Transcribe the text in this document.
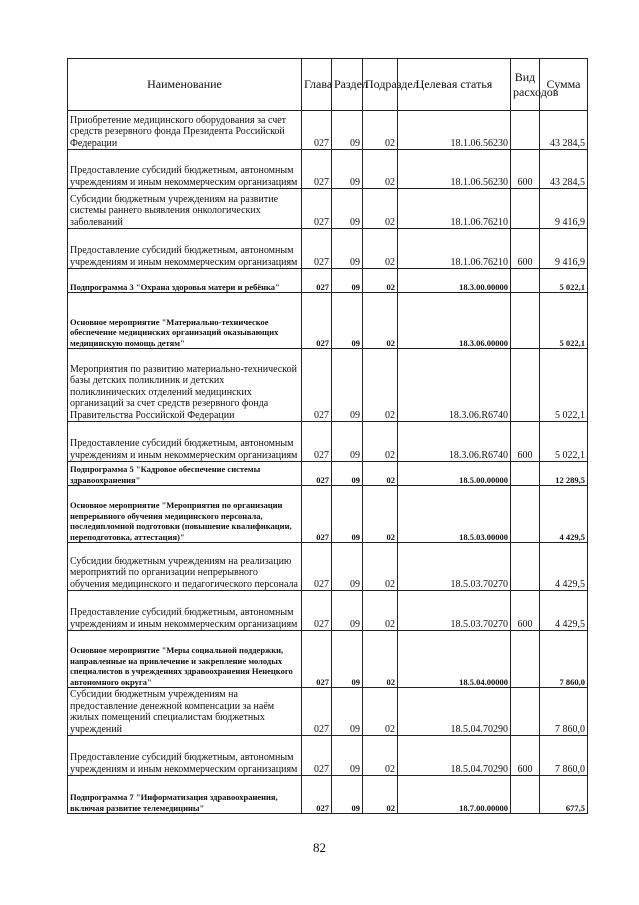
Наименование	Глава	Раздел	Подраздел	Целевая статья	Вид расходов	Сумма
Приобретение медицинского оборудования за счет средств резервного фонда Президента Российской Федерации	027	09	02	18.1.06.56230		43 284,5
Предоставление субсидий бюджетным, автономным учреждениям и иным некоммерческим организациям	027	09	02	18.1.06.56230	600	43 284,5
Субсидии бюджетным учреждениям на развитие системы раннего выявления онкологических заболеваний	027	09	02	18.1.06.76210		9 416,9
Предоставление субсидий бюджетным, автономным учреждениям и иным некоммерческим организациям	027	09	02	18.1.06.76210	600	9 416,9
Подпрограмма 3 "Охрана здоровья матери и ребёнка"	027	09	02	18.3.00.00000		5 022,1
Основное мероприятие "Материально-техническое обеспечение медицинских организаций оказывающих медицинскую помощь детям"	027	09	02	18.3.06.00000		5 022,1
Мероприятия по развитию материально-технической базы детских поликлиник и детских поликлинических отделений медицинских организаций за счет средств резервного фонда Правительства Российской Федерации	027	09	02	18.3.06.R6740		5 022,1
Предоставление субсидий бюджетным, автономным учреждениям и иным некоммерческим организациям	027	09	02	18.3.06.R6740	600	5 022,1
Подпрограмма 5 "Кадровое обеспечение системы здравоохранения"	027	09	02	18.5.00.00000		12 289,5
Основное мероприятие "Мероприятия по организации непрерывного обучения медицинского персонала, последипломной подготовки (повышение квалификации, переподготовка, аттестация)"	027	09	02	18.5.03.00000		4 429,5
Субсидии бюджетным учреждениям на реализацию мероприятий по организации непрерывного обучения медицинского и педагогического персонала	027	09	02	18.5.03.70270		4 429,5
Предоставление субсидий бюджетным, автономным учреждениям и иным некоммерческим организациям	027	09	02	18.5.03.70270	600	4 429,5
Основное мероприятие "Меры социальной поддержки, направленные на привлечение и закрепление молодых специалистов в учреждениях здравоохранения Ненецкого автономного округа"	027	09	02	18.5.04.00000		7 860,0
Субсидии бюджетным учреждениям на предоставление денежной компенсации за наём жилых помещений специалистам бюджетных учреждений	027	09	02	18.5.04.70290		7 860,0
Предоставление субсидий бюджетным, автономным учреждениям и иным некоммерческим организациям	027	09	02	18.5.04.70290	600	7 860,0
Подпрограмма 7 "Информатизация здравоохранения, включая развитие телемедицины"	027	09	02	18.7.00.00000		677,5
82
